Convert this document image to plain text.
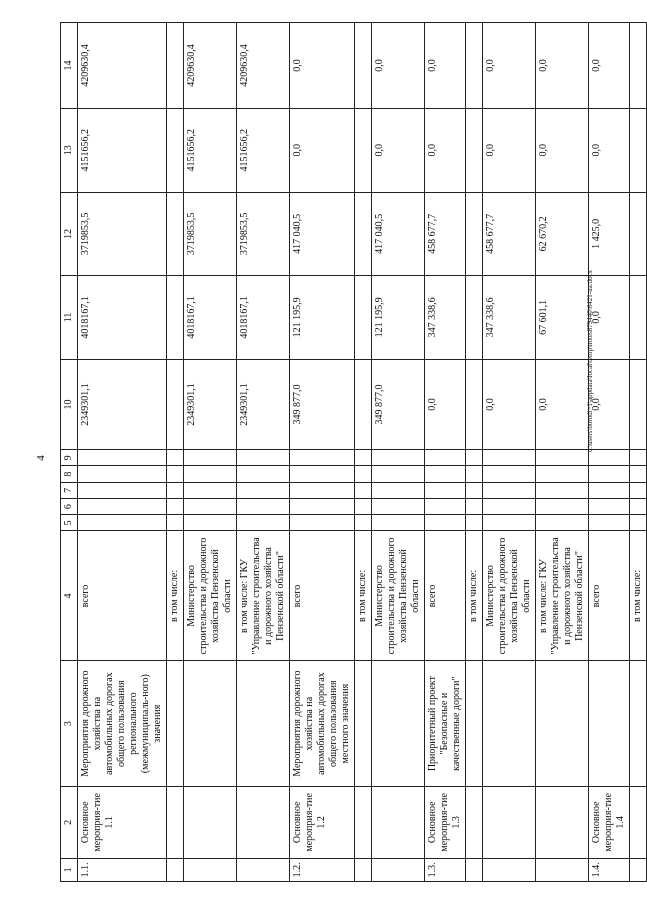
4
c:\users\borodi~1\appdata\local\temp\notes879440\6421-ua.docx
1	2	3	4	5	6	7	8	9	10	11	12	13	14
1.1.	Основное мероприя-тие 1.1	Мероприятия дорожного хозяйства на автомобильных дорогах общего пользования регионального (межмуниципаль-ного) значения	всего						2349301,1	4018167,1	3719853,5	4151656,2	4209630,4
			в том числе:										
			Министерство строительства и дорожного хозяйства Пензенской области						2349301,1	4018167,1	3719853,5	4151656,2	4209630,4
			в том числе: ГКУ "Управление строительства и дорожного хозяйства Пензенской области"						2349301,1	4018167,1	3719853,5	4151656,2	4209630,4
1.2.	Основное мероприя-тие 1.2	Мероприятия дорожного хозяйства на автомобильных дорогах общего пользования местного значения	всего						349 877,0	121 195,9	417 040,5	0,0	0,0
			в том числе:										
			Министерство строительства и дорожного хозяйства Пензенской области						349 877,0	121 195,9	417 040,5	0,0	0,0
1.3.	Основное мероприя-тие 1.3	Приоритетный проект "Безопасные и качественные дороги"	всего						0,0	347 338,6	458 677,7	0,0	0,0
			в том числе:										
			Министерство строительства и дорожного хозяйства Пензенской области						0,0	347 338,6	458 677,7	0,0	0,0
			в том числе: ГКУ "Управление строительства и дорожного хозяйства Пензенской области"						0,0	67 601,1	62 670,2	0,0	0,0
1.4.	Основное мероприя-тие 1.4		всего						0,0	0,0	1 425,0	0,0	0,0
			в том числе:										
